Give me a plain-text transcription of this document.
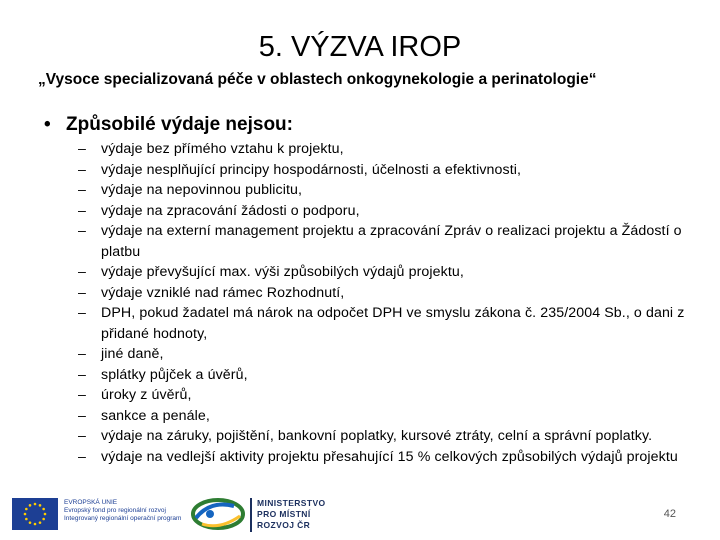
5. VÝZVA IROP
„Vysoce specializovaná péče v oblastech onkogynekologie a perinatologie“
• Způsobilé výdaje nejsou:
– výdaje bez přímého vztahu k projektu,
– výdaje nesplňující principy hospodárnosti, účelnosti a efektivnosti,
– výdaje na nepovinnou publicitu,
– výdaje na zpracování žádosti o podporu,
– výdaje na externí management projektu a zpracování Zpráv o realizaci projektu a Žádostí o platbu
– výdaje převyšující max. výši způsobilých výdajů projektu,
– výdaje vzniklé nad rámec Rozhodnutí,
– DPH, pokud žadatel má nárok na odpočet DPH ve smyslu zákona č. 235/2004 Sb., o dani z přidané hodnoty,
– jiné daně,
– splátky půjček a úvěrů,
– úroky z úvěrů,
– sankce a penále,
– výdaje na záruky, pojištění, bankovní poplatky, kursové ztráty, celní a správní poplatky.
– výdaje na vedlejší aktivity projektu přesahující 15 % celkových způsobilých výdajů projektu
EVROPSKÁ UNIE
Evropský fond pro regionální rozvoj
Integrovaný regionální operační program
MINISTERSTVO
PRO MÍSTNÍ
ROZVOJ ČR
42
